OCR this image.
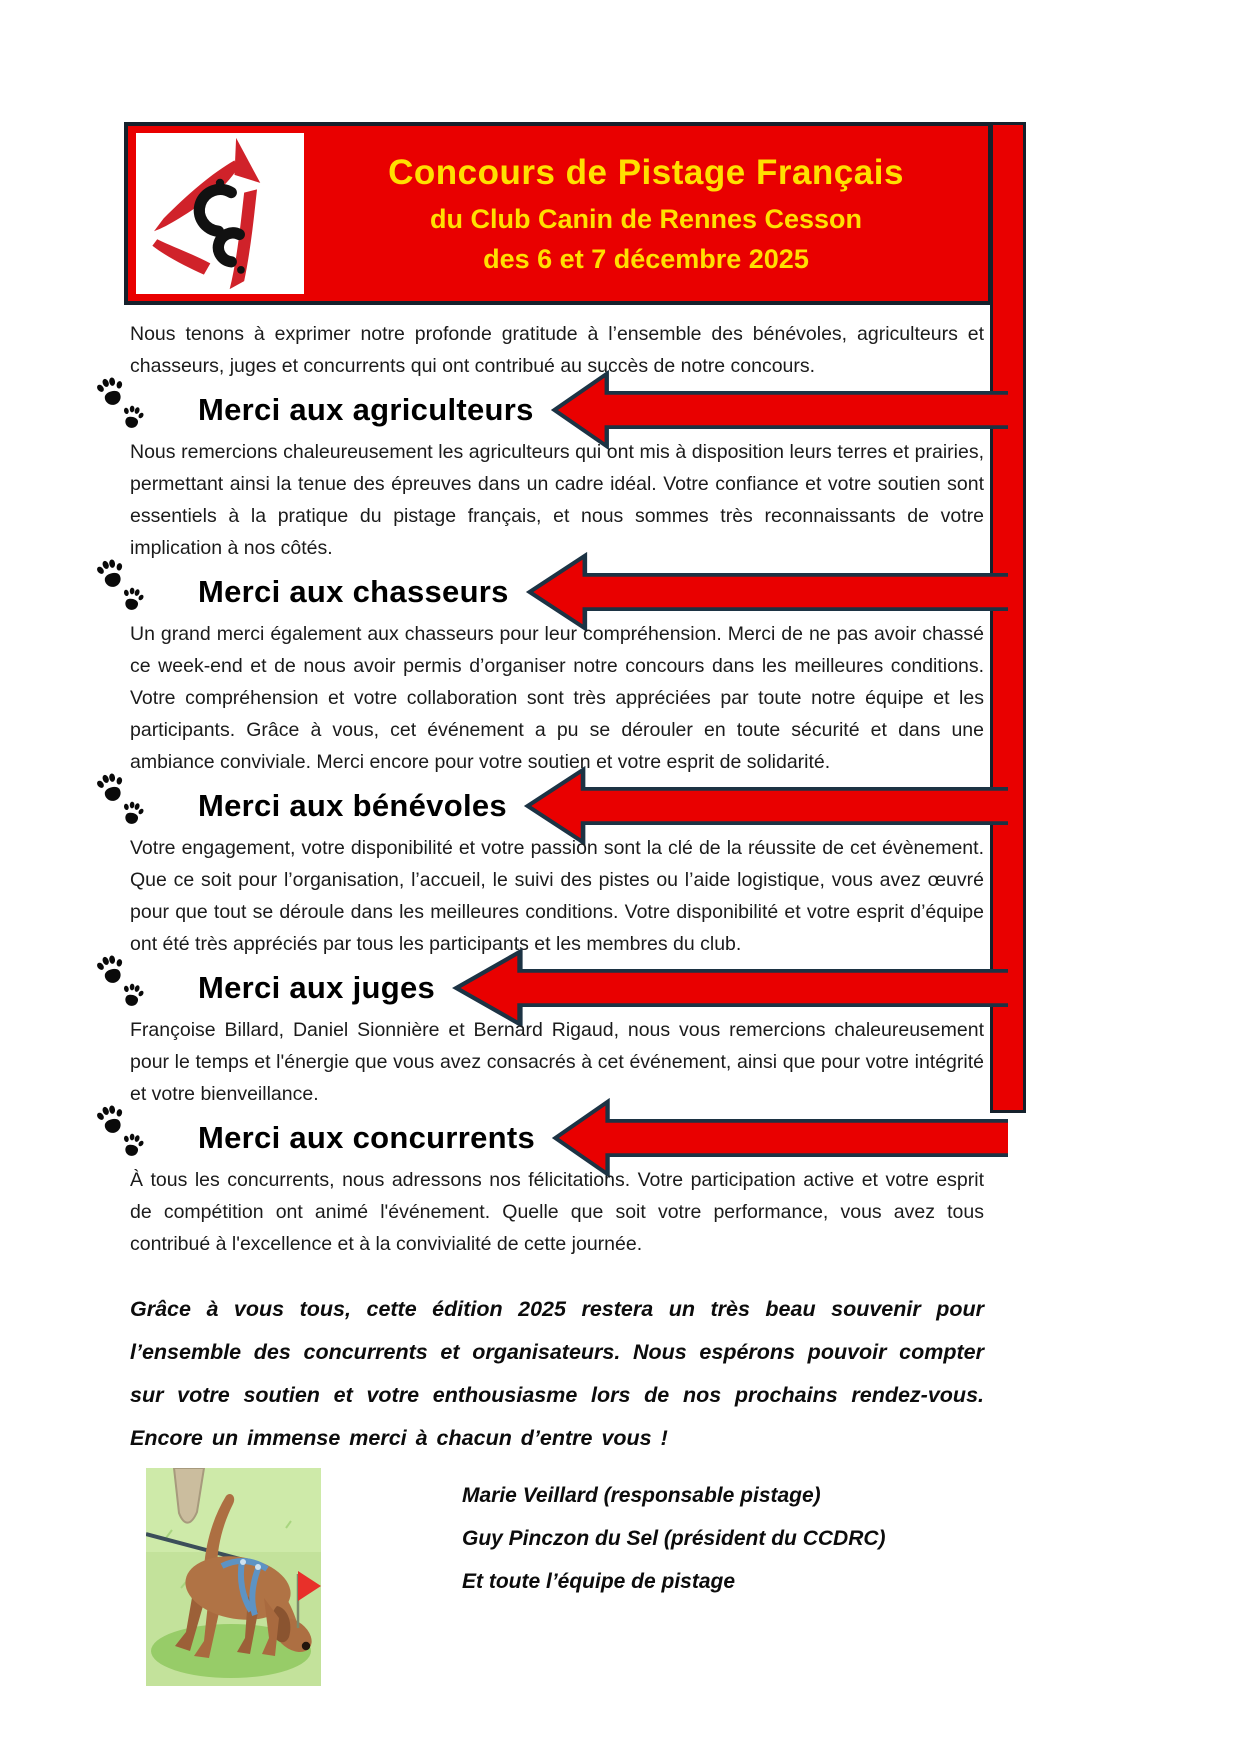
Concours de Pistage Français
du Club Canin de Rennes Cesson
des 6 et 7 décembre 2025

Nous tenons à exprimer notre profonde gratitude à l’ensemble des bénévoles, agriculteurs et chasseurs, juges et concurrents qui ont contribué au succès de notre concours.

Merci aux agriculteurs

Nous remercions chaleureusement les agriculteurs qui ont mis à disposition leurs terres et prairies, permettant ainsi la tenue des épreuves dans un cadre idéal. Votre confiance et votre soutien sont essentiels à la pratique du pistage français, et nous sommes très reconnaissants de votre implication à nos côtés.

Merci aux chasseurs

Un grand merci également aux chasseurs pour leur compréhension. Merci de ne pas avoir chassé ce week-end et de nous avoir permis d’organiser notre concours dans les meilleures conditions. Votre compréhension et votre collaboration sont très appréciées par toute notre équipe et les participants. Grâce à vous, cet événement a pu se dérouler en toute sécurité et dans une ambiance conviviale. Merci encore pour votre soutien et votre esprit de solidarité.

Merci aux bénévoles

Votre engagement, votre disponibilité et votre passion sont la clé de la réussite de cet évènement. Que ce soit pour l’organisation, l’accueil, le suivi des pistes ou l’aide logistique, vous avez œuvré pour que tout se déroule dans les meilleures conditions. Votre disponibilité et votre esprit d’équipe ont été très appréciés par tous les participants et les membres du club.

Merci aux juges

Françoise Billard, Daniel Sionnière et Bernard Rigaud, nous vous remercions chaleureusement pour le temps et l'énergie que vous avez consacrés à cet événement, ainsi que pour votre intégrité et votre bienveillance.

Merci aux concurrents

À tous les concurrents, nous adressons nos félicitations. Votre participation active et votre esprit de compétition ont animé l'événement. Quelle que soit votre performance, vous avez tous contribué à l'excellence et à la convivialité de cette journée.

Grâce à vous tous, cette édition 2025 restera un très beau souvenir pour l’ensemble des concurrents et organisateurs. Nous espérons pouvoir compter sur votre soutien et votre enthousiasme lors de nos prochains rendez-vous. Encore un immense merci à chacun d’entre vous !

Marie Veillard (responsable pistage)
Guy Pinczon du Sel (président du CCDRC)
Et toute l’équipe de pistage
